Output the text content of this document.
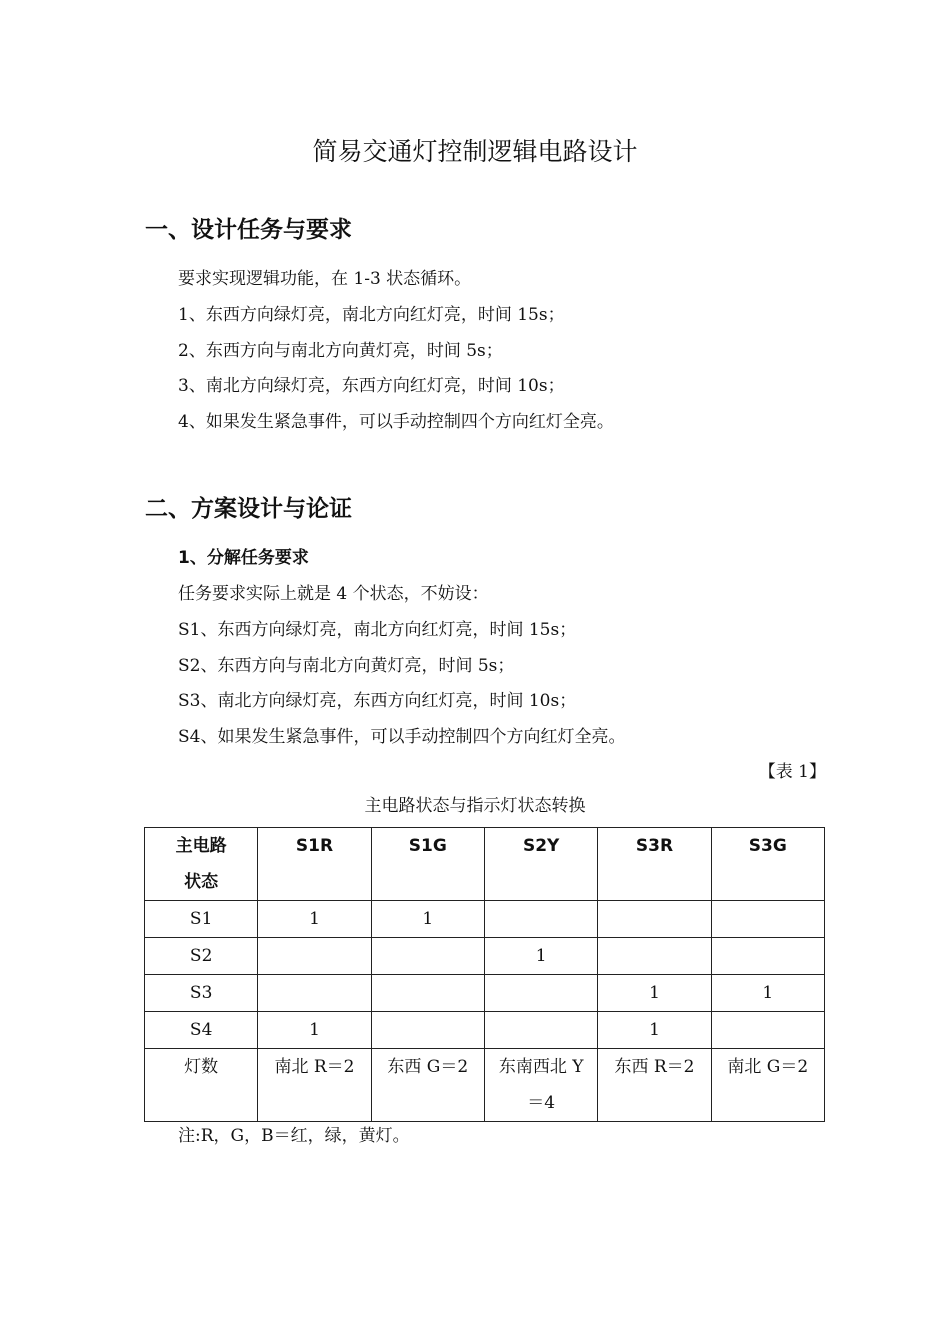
简易交通灯控制逻辑电路设计
一、设计任务与要求
要求实现逻辑功能，在 1-3 状态循环。
1、东西方向绿灯亮，南北方向红灯亮，时间 15s；
2、东西方向与南北方向黄灯亮，时间 5s；
3、南北方向绿灯亮，东西方向红灯亮，时间 10s；
4、如果发生紧急事件，可以手动控制四个方向红灯全亮。
二、方案设计与论证
1、分解任务要求
任务要求实际上就是 4 个状态，不妨设：
S1、东西方向绿灯亮，南北方向红灯亮，时间 15s；
S2、东西方向与南北方向黄灯亮，时间 5s；
S3、南北方向绿灯亮，东西方向红灯亮，时间 10s；
S4、如果发生紧急事件，可以手动控制四个方向红灯全亮。
【表 1】
主电路状态与指示灯状态转换
主电路
状态	S1R	S1G	S2Y	S3R	S3G
S1	1	1			
S2			1		
S3				1	1
S4	1			1	
灯数	南北 R＝2	东西 G＝2	东南西北 Y
＝4	东西 R＝2	南北 G＝2
注:R，G，B＝红，绿，黄灯。
